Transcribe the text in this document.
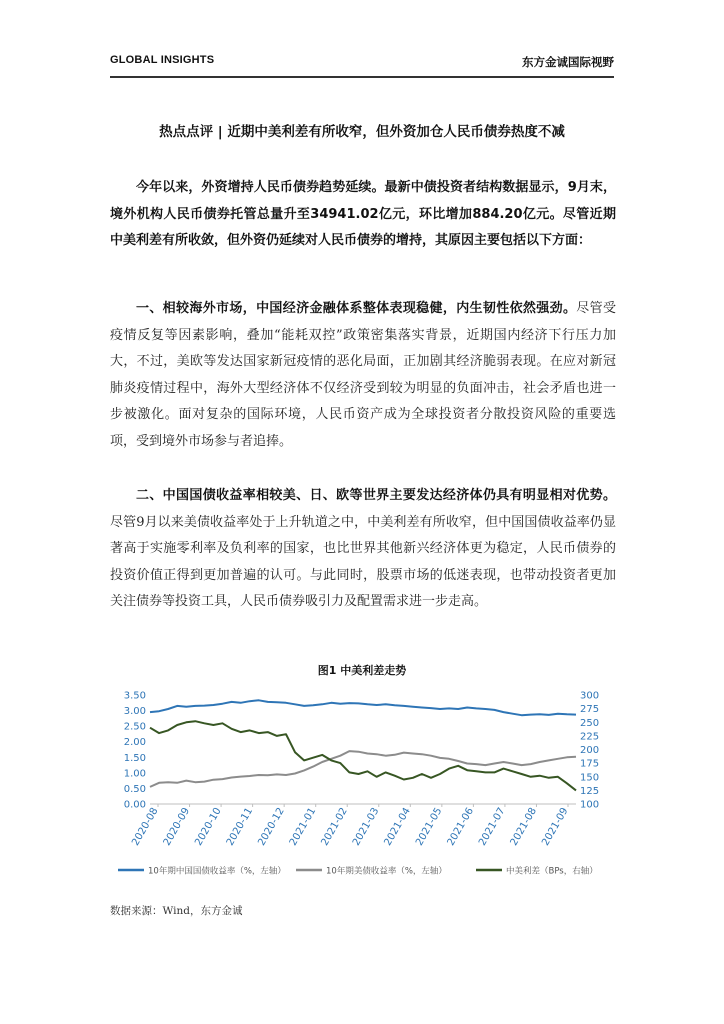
GLOBAL INSIGHTS	东方金诚国际视野
热点点评 | 近期中美利差有所收窄，但外资加仓人民币债券热度不减
今年以来，外资增持人民币债券趋势延续。最新中债投资者结构数据显示，9月末，境外机构人民币债券托管总量升至34941.02亿元，环比增加884.20亿元。尽管近期中美利差有所收敛，但外资仍延续对人民币债券的增持，其原因主要包括以下方面：
一、相较海外市场，中国经济金融体系整体表现稳健，内生韧性依然强劲。尽管受疫情反复等因素影响，叠加“能耗双控”政策密集落实背景，近期国内经济下行压力加大，不过，美欧等发达国家新冠疫情的恶化局面，正加剧其经济脆弱表现。在应对新冠肺炎疫情过程中，海外大型经济体不仅经济受到较为明显的负面冲击，社会矛盾也进一步被激化。面对复杂的国际环境，人民币资产成为全球投资者分散投资风险的重要选项，受到境外市场参与者追捧。
二、中国国债收益率相较美、日、欧等世界主要发达经济体仍具有明显相对优势。尽管9月以来美债收益率处于上升轨道之中，中美利差有所收窄，但中国国债收益率仍显著高于实施零利率及负利率的国家，也比世界其他新兴经济体更为稳定，人民币债券的投资价值正得到更加普遍的认可。与此同时，股票市场的低迷表现，也带动投资者更加关注债券等投资工具，人民币债券吸引力及配置需求进一步走高。
图1 中美利差走势
0.00
0.50
1.00
1.50
2.00
2.50
3.00
3.50
100
125
150
175
200
225
250
275
300
2020-08 2020-09 2020-10 2020-11 2020-12 2021-01 2021-02 2021-03 2021-04 2021-05 2021-06 2021-07 2021-08 2021-09
10年期中国国债收益率（%，左轴）	10年期美债收益率（%，左轴）	中美利差（BPs，右轴）
数据来源：Wind，东方金诚
